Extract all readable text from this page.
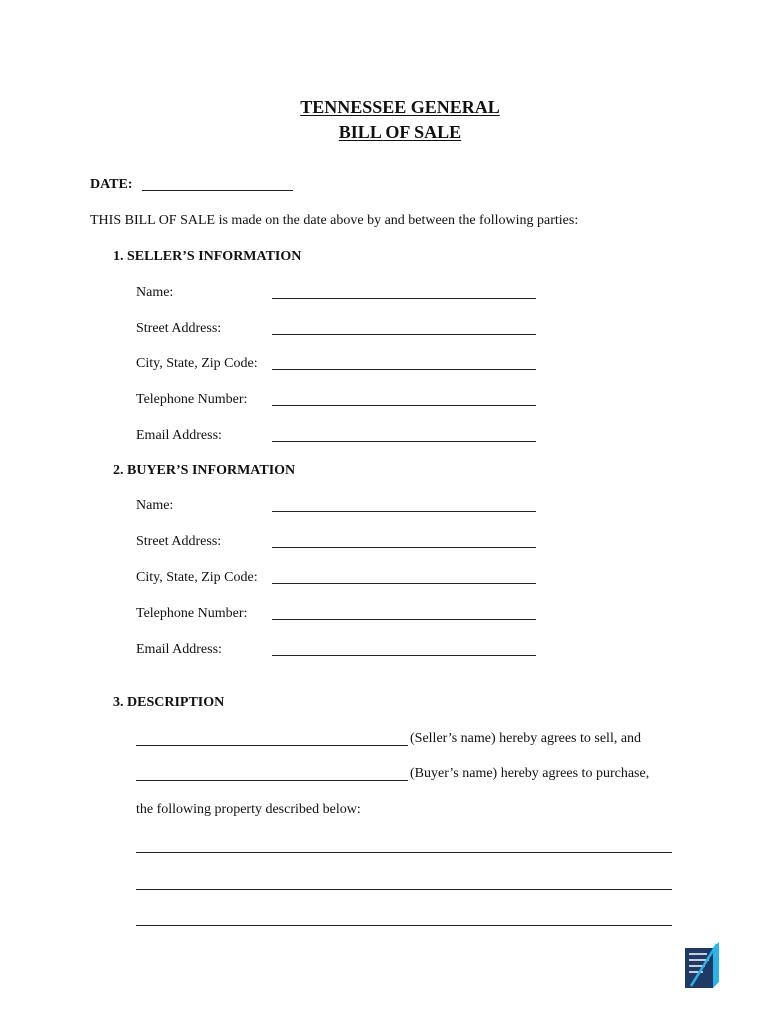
TENNESSEE GENERAL
BILL OF SALE
DATE:
THIS BILL OF SALE is made on the date above by and between the following parties:
1. SELLER’S INFORMATION
Name:
Street Address:
City, State, Zip Code:
Telephone Number:
Email Address:
2. BUYER’S INFORMATION
Name:
Street Address:
City, State, Zip Code:
Telephone Number:
Email Address:
3. DESCRIPTION
(Seller’s name) hereby agrees to sell, and
(Buyer’s name) hereby agrees to purchase,
the following property described below:
